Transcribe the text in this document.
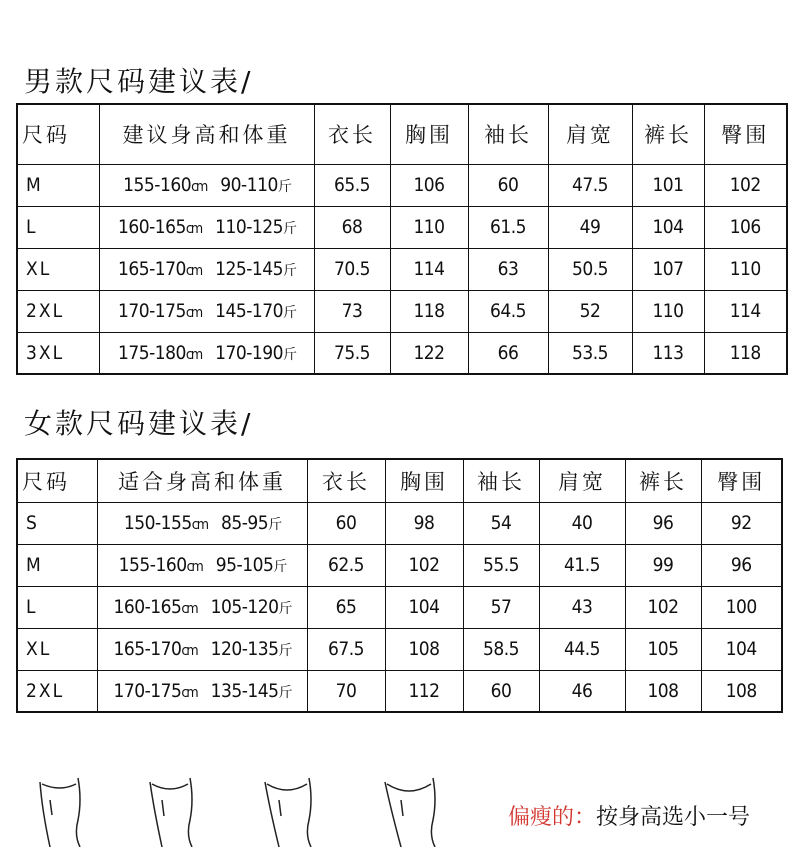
男款尺码建议表/
尺码	建议身高和体重	衣长	胸围	袖长	肩宽	裤长	臀围
M	155-160cm 90-110斤	65.5	106	60	47.5	101	102
L	160-165cm 110-125斤	68	110	61.5	49	104	106
XL	165-170cm 125-145斤	70.5	114	63	50.5	107	110
2XL	170-175cm 145-170斤	73	118	64.5	52	110	114
3XL	175-180cm 170-190斤	75.5	122	66	53.5	113	118
女款尺码建议表/
尺码	适合身高和体重	衣长	胸围	袖长	肩宽	裤长	臀围
S	150-155cm 85-95斤	60	98	54	40	96	92
M	155-160cm 95-105斤	62.5	102	55.5	41.5	99	96
L	160-165cm 105-120斤	65	104	57	43	102	100
XL	165-170cm 120-135斤	67.5	108	58.5	44.5	105	104
2XL	170-175cm 135-145斤	70	112	60	46	108	108
偏瘦的：按身高选小一号
